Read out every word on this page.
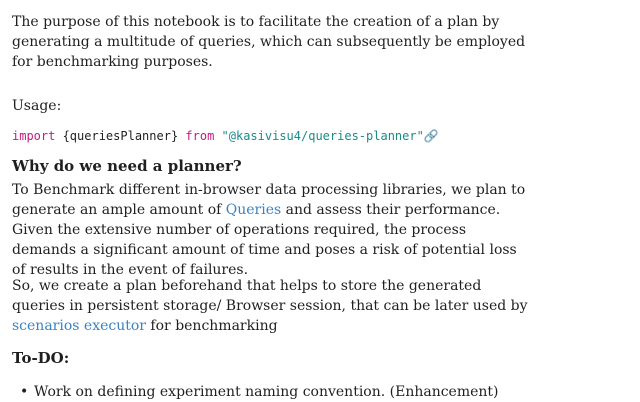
The purpose of this notebook is to facilitate the creation of a plan by generating a multitude of queries, which can subsequently be employed for benchmarking purposes.

Usage:

import {queriesPlanner} from "@kasivisu4/queries-planner"🔗
Why do we need a planner?

To Benchmark different in-browser data processing libraries, we plan to generate an ample amount of Queries and assess their performance. Given the extensive number of operations required, the process demands a significant amount of time and poses a risk of potential loss of results in the event of failures.

So, we create a plan beforehand that helps to store the generated queries in persistent storage/ Browser session, that can be later used by scenarios executor for benchmarking

To-DO:
• Work on defining experiment naming convention. (Enhancement)
